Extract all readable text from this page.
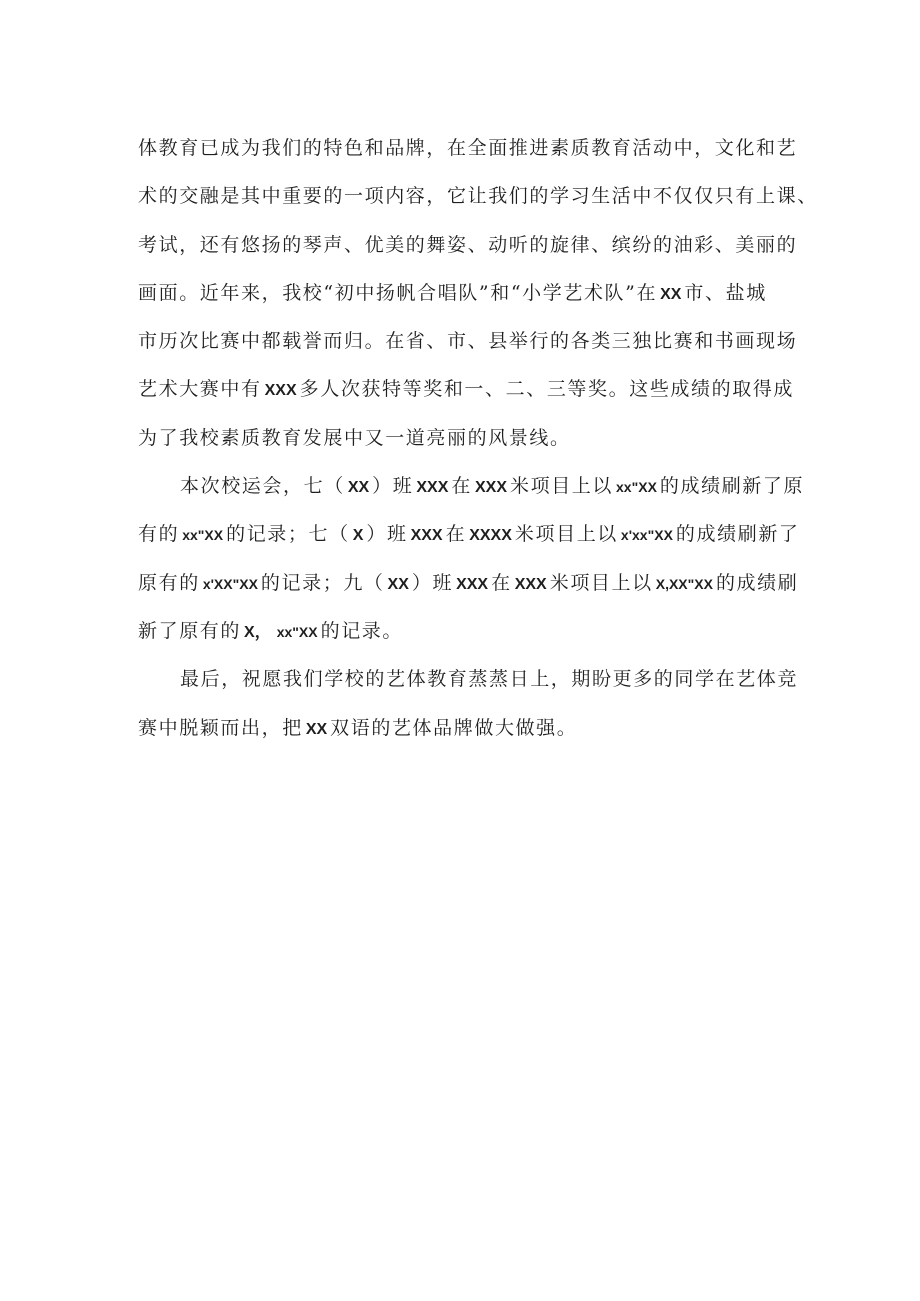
体教育已成为我们的特色和品牌，在全面推进素质教育活动中，文化和艺
术的交融是其中重要的一项内容，它让我们的学习生活中不仅仅只有上课、
考试，还有悠扬的琴声、优美的舞姿、动听的旋律、缤纷的油彩、美丽的
画面。近年来，我校“初中扬帆合唱队”和“小学艺术队”在 XX 市、盐城
市历次比赛中都载誉而归。在省、市、县举行的各类三独比赛和书画现场
艺术大赛中有 XXX 多人次获特等奖和一、二、三等奖。这些成绩的取得成
为了我校素质教育发展中又一道亮丽的风景线。
本次校运会，七（ XX ）班 XXX 在 XXX 米项目上以 xx"XX 的成绩刷新了原
有的 xx"XX 的记录；七（ X ）班 XXX 在 XXXX 米项目上以 x'xx"XX 的成绩刷新了
原有的 x'XX"XX 的记录；九（ XX ）班 XXX 在 XXX 米项目上以 X,XX"XX 的成绩刷
新了原有的 X， xx"XX 的记录。
最后，祝愿我们学校的艺体教育蒸蒸日上，期盼更多的同学在艺体竞
赛中脱颖而出，把 XX 双语的艺体品牌做大做强。
